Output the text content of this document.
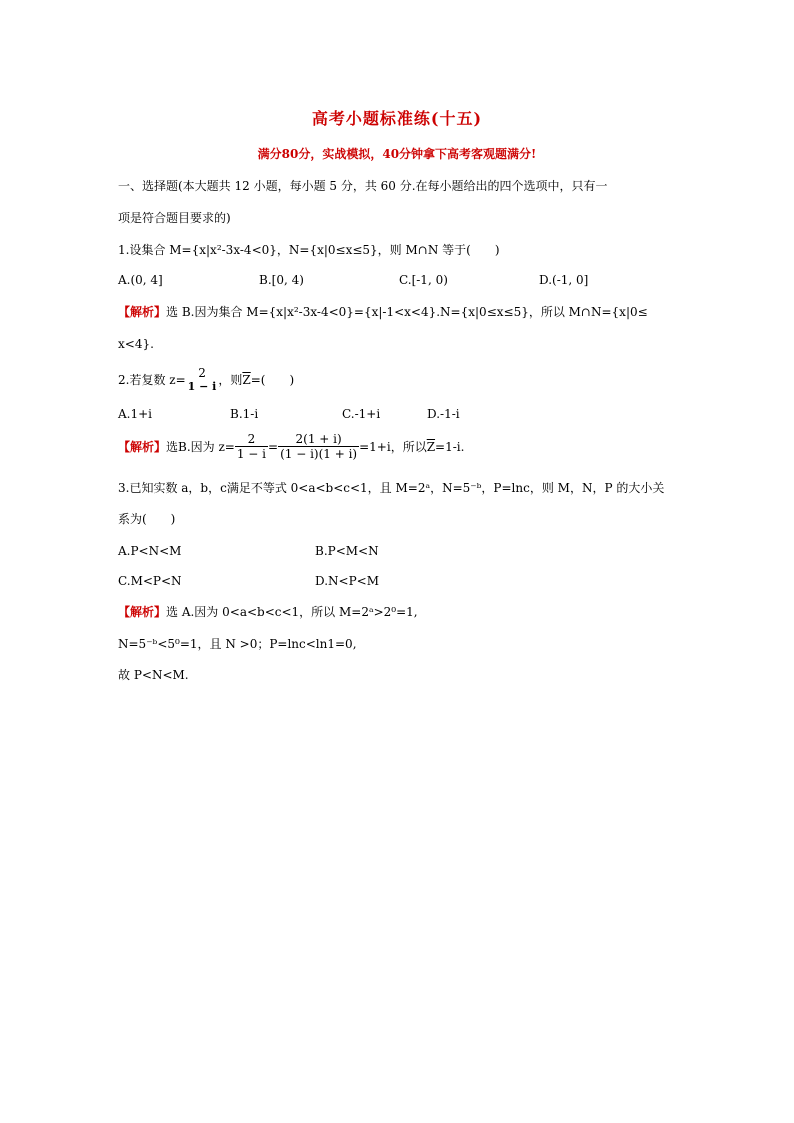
高考小题标准练(十五)
满分80分，实战模拟，40分钟拿下高考客观题满分!
一、选择题(本大题共 12 小题，每小题 5 分，共 60 分.在每小题给出的四个选项中，只有一
项是符合题目要求的)
1.设集合 M={x|x²-3x-4<0}，N={x|0≤x≤5}，则 M∩N 等于(　　)
A.(0, 4]	B.[0, 4)	C.[-1, 0)	D.(-1, 0]
【解析】选 B.因为集合 M={x|x²-3x-4<0}={x|-1<x<4}.N={x|0≤x≤5}，所以 M∩N={x|0≤
x<4}.
2.若复数 z=
2
1 − i ，则$\overline{Z}=$(　　)
A.1+i	B.1-i	C.-1+i	D.-1-i
【解析】选B.因为 $z= \frac{2}{1 - i} = \frac{2(1 + i)}{(1 - i)(1 + i)} =1+i$，所以$\overline{Z}=1-i$.
3.已知实数 a，b，c满足不等式 0<a<b<c<1，且 M=2ᵃ，N=5⁻ᵇ，P=lnc，则 M，N，P 的大小关
系为(　　)
A.P<N<M	B.P<M<N
C.M<P<N	D.N<P<M
【解析】选 A.因为 0<a<b<c<1，所以 M=2ᵃ>2⁰=1,
N=5⁻ᵇ<5⁰=1，且 N >0；P=lnc<ln1=0,
故 P<N<M.
